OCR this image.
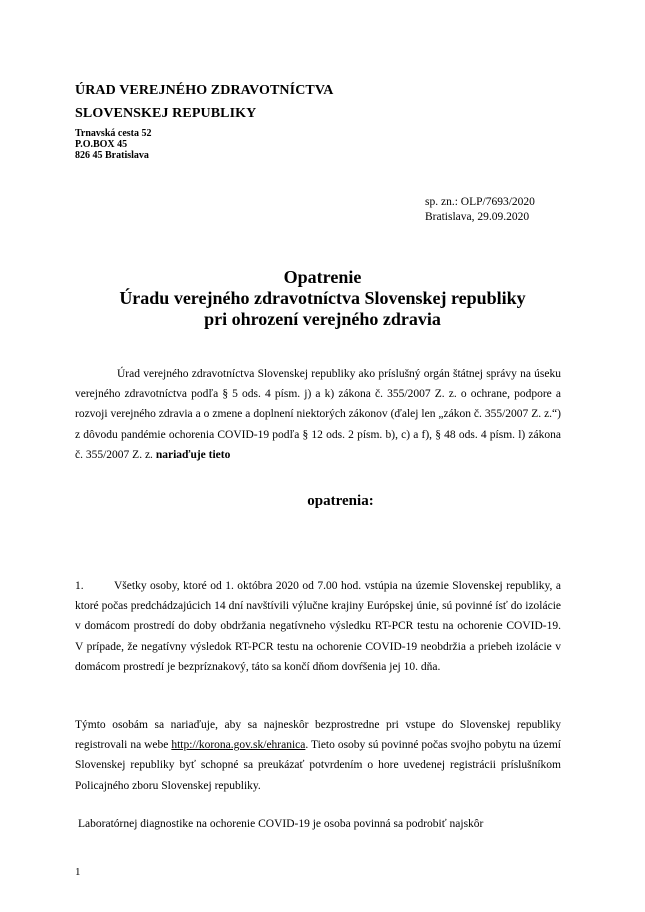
ÚRAD VEREJNÉHO ZDRAVOTNÍCTVA
SLOVENSKEJ REPUBLIKY
Trnavská cesta 52
P.O.BOX 45
826 45 Bratislava
sp. zn.: OLP/7693/2020
Bratislava, 29.09.2020
Opatrenie
Úradu verejného zdravotníctva Slovenskej republiky
pri ohrození verejného zdravia
Úrad verejného zdravotníctva Slovenskej republiky ako príslušný orgán štátnej správy na úseku verejného zdravotníctva podľa § 5 ods. 4 písm. j) a k) zákona č. 355/2007 Z. z. o ochrane, podpore a rozvoji verejného zdravia a o zmene a doplnení niektorých zákonov (ďalej len „zákon č. 355/2007 Z. z.“) z dôvodu pandémie ochorenia COVID-19 podľa § 12 ods. 2 písm. b), c) a f), § 48 ods. 4 písm. l) zákona č. 355/2007 Z. z. nariaďuje tieto
opatrenia:
1.	Všetky osoby, ktoré od 1. októbra 2020 od 7.00 hod. vstúpia na územie Slovenskej republiky, a ktoré počas predchádzajúcich 14 dní navštívili výlučne krajiny Európskej únie, sú povinné ísť do izolácie v domácom prostredí do doby obdržania negatívneho výsledku RT-PCR testu na ochorenie COVID-19. V prípade, že negatívny výsledok RT-PCR testu na ochorenie COVID-19 neobdržia a priebeh izolácie v domácom prostredí je bezpríznakový, táto sa končí dňom dovŕšenia jej 10. dňa.
Týmto osobám sa nariaďuje, aby sa najneskôr bezprostredne pri vstupe do Slovenskej republiky registrovali na webe http://korona.gov.sk/ehranica. Tieto osoby sú povinné počas svojho pobytu na území Slovenskej republiky byť schopné sa preukázať potvrdením o hore uvedenej registrácii príslušníkom Policajného zboru Slovenskej republiky.
Laboratórnej diagnostike na ochorenie COVID-19 je osoba povinná sa podrobiť najskôr
1
